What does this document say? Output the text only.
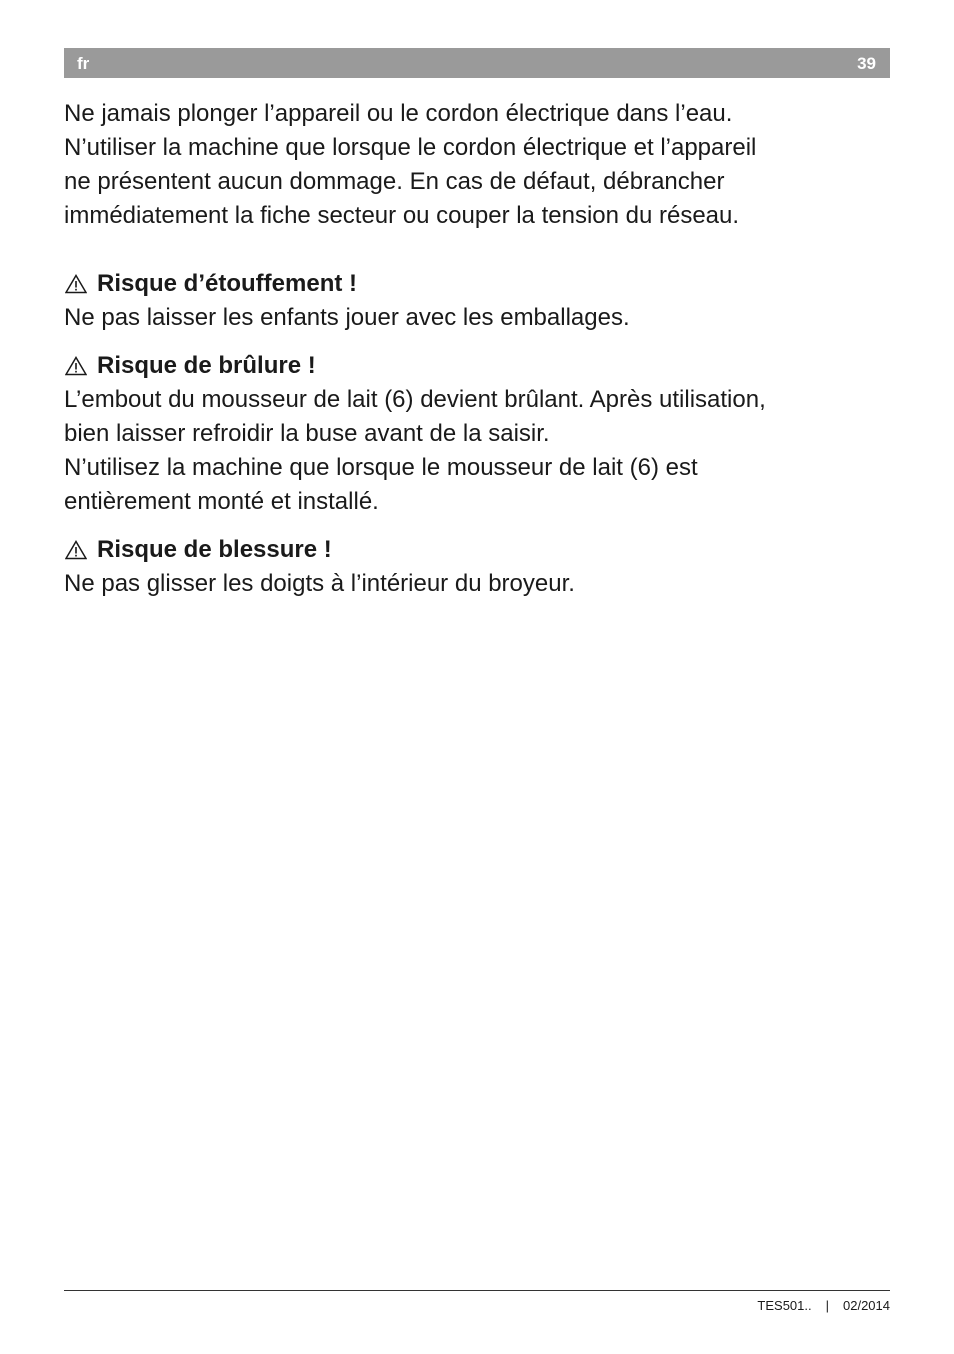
fr	39

Ne jamais plonger l’appareil ou le cordon électrique dans l’eau.
N’utiliser la machine que lorsque le cordon électrique et l’appareil
ne présentent aucun dommage. En cas de défaut, débrancher
immédiatement la fiche secteur ou couper la tension du réseau.

Risque d’étouffement !

Ne pas laisser les enfants jouer avec les emballages.

Risque de brûlure !

L’embout du mousseur de lait (6) devient brûlant. Après utilisation,
bien laisser refroidir la buse avant de la saisir.
N’utilisez la machine que lorsque le mousseur de lait (6) est
entièrement monté et installé.

Risque de blessure !

Ne pas glisser les doigts à l’intérieur du broyeur.
TES501.. | 02/2014
